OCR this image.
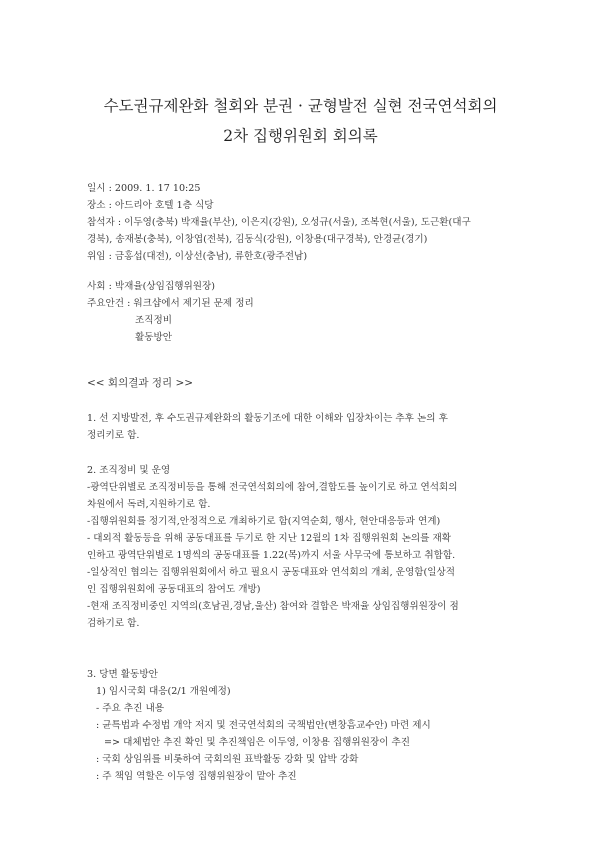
수도권규제완화 철회와 분권 · 균형발전 실현 전국연석회의
2차 집행위원회 회의록
일시 : 2009. 1. 17 10:25
장소 : 아드리아 호텔 1층 식당
참석자 : 이두영(충북) 박재율(부산), 이은지(강원), 오성규(서울), 조복현(서울), 도근환(대구
경북), 송재봉(충북), 이창엽(전북), 김동식(강원), 이창용(대구경북), 안경균(경기)
위임 : 금홍섭(대전), 이상선(충남), 류한호(광주전남)
사회 : 박재율(상임집행위원장)
주요안건 : 워크샵에서 제기된 문제 정리
조직정비
활동방안
<< 회의결과 정리 >>
1. 선 지방발전, 후 수도권규제완화의 활동기조에 대한 이해와 입장차이는 추후 논의 후
정리키로 함.
2. 조직정비 및 운영
-광역단위별로 조직정비등을 통해 전국연석회의에 참여,결합도를 높이기로 하고 연석회의
차원에서 독려,지원하기로 함.
-집행위원회를 정기적,안정적으로 개최하기로 함(지역순회, 행사, 현안대응등과 연계)
- 대외적 활동등을 위해 공동대표를 두기로 한 지난 12월의 1차 집행위원회 논의를 재확
인하고 광역단위별로 1명씩의 공동대표를 1.22(목)까지 서울 사무국에 통보하고 취합함.
-일상적인 협의는 집행위원회에서 하고 필요시 공동대표와 연석회의 개최, 운영함(일상적
인 집행위원회에 공동대표의 참여도 개방)
-현재 조직정비중인 지역의(호남권,경남,울산) 참여와 결합은 박재율 상임집행위원장이 점
검하기로 함.
3. 당면 활동방안
1) 임시국회 대응(2/1 개원예정)
- 주요 추진 내용
: 균특법과 수정법 개악 저지 및 전국연석회의 국책법안(변창흠교수안) 마련 제시
=> 대체법안 추진 확인 및 추진책임은 이두영, 이창용 집행위원장이 추진
: 국회 상임위를 비롯하여 국회의원 표박활동 강화 및 압박 강화
: 주 책임 역할은 이두영 집행위원장이 맡아 추진
